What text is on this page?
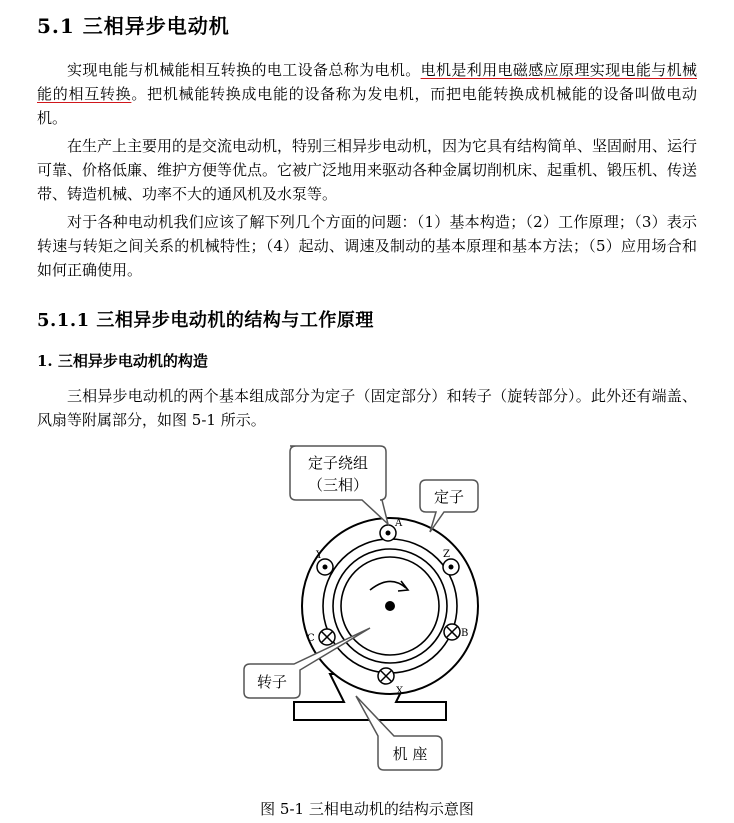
5.1 三相异步电动机
实现电能与机械能相互转换的电工设备总称为电机。电机是利用电磁感应原理实现电能与机械能的相互转换。把机械能转换成电能的设备称为发电机，而把电能转换成机械能的设备叫做电动机。
在生产上主要用的是交流电动机，特别三相异步电动机，因为它具有结构简单、坚固耐用、运行可靠、价格低廉、维护方便等优点。它被广泛地用来驱动各种金属切削机床、起重机、锻压机、传送带、铸造机械、功率不大的通风机及水泵等。
对于各种电动机我们应该了解下列几个方面的问题：（1）基本构造；（2）工作原理；（3）表示转速与转矩之间关系的机械特性；（4）起动、调速及制动的基本原理和基本方法；（5）应用场合和如何正确使用。
5.1.1 三相异步电动机的结构与工作原理
1. 三相异步电动机的构造
三相异步电动机的两个基本组成部分为定子（固定部分）和转子（旋转部分）。此外还有端盖、风扇等附属部分，如图 5-1 所示。
A
Y	Z
C	B
X
定子绕组
（三相）
定子
转子
机 座
图 5-1 三相电动机的结构示意图
